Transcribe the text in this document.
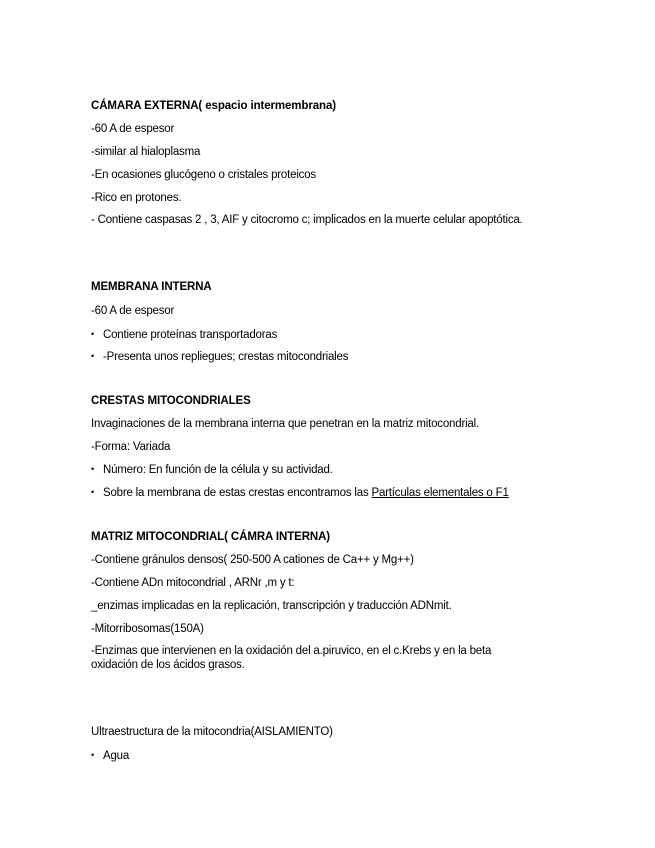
CÁMARA EXTERNA( espacio intermembrana)
-60 A de espesor
-similar al hialoplasma
-En ocasiones glucógeno o cristales proteicos
-Rico en protones.
- Contiene caspasas 2 , 3, AIF y citocromo c; implicados en la muerte celular apoptótica.
MEMBRANA INTERNA
-60 A de espesor
• Contiene proteínas transportadoras
• -Presenta unos repliegues; crestas mitocondriales
CRESTAS MITOCONDRIALES
Invaginaciones de la membrana interna que penetran en la matriz mitocondrial.
-Forma: Variada
• Número: En función de la célula y su actividad.
• Sobre la membrana de estas crestas encontramos las Partículas elementales o F1
MATRIZ MITOCONDRIAL( CÁMRA INTERNA)
-Contiene gránulos densos( 250-500 A cationes de Ca++ y Mg++)
-Contiene ADn mitocondrial , ARNr ,m y t:
_enzimas implicadas en la replicación, transcripción y traducción ADNmit.
-Mitorribosomas(150A)
-Enzimas que intervienen en la oxidación del a.piruvico, en el c.Krebs y en la beta oxidación de los ácidos grasos.
Ultraestructura de la mitocondria(AISLAMIENTO)
• Agua
